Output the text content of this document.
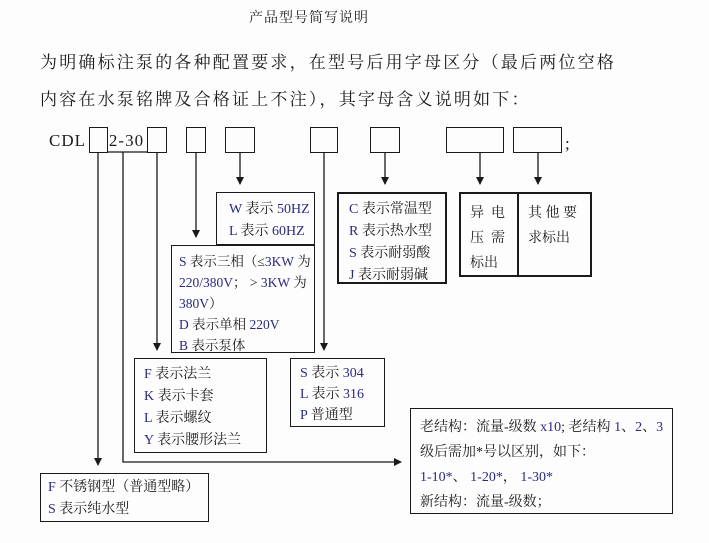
产品型号简写说明
为明确标注泵的各种配置要求，在型号后用字母区分（最后两位空格
内容在水泵铭牌及合格证上不注），其字母含义说明如下：
CDL 2-30	;
W 表示 50HZ
L 表示 60HZ
C 表示常温型
R 表示热水型
S 表示耐弱酸
J 表示耐弱碱
异  电
压  需
标出
其 他 要
求标出
S 表示三相（≤3KW 为
220/380V； > 3KW 为
380V）
D 表示单相 220V
B 表示泵体
F 表示法兰
K 表示卡套
L 表示螺纹
Y 表示腰形法兰
S 表示 304
L 表示 316
P 普通型
老结构：流量-级数 x10; 老结构 1、2、3
级后需加*号以区别，如下：
1-10*、 1-20*， 1-30*
新结构：流量-级数；
F 不锈钢型（普通型略）
S 表示纯水型
